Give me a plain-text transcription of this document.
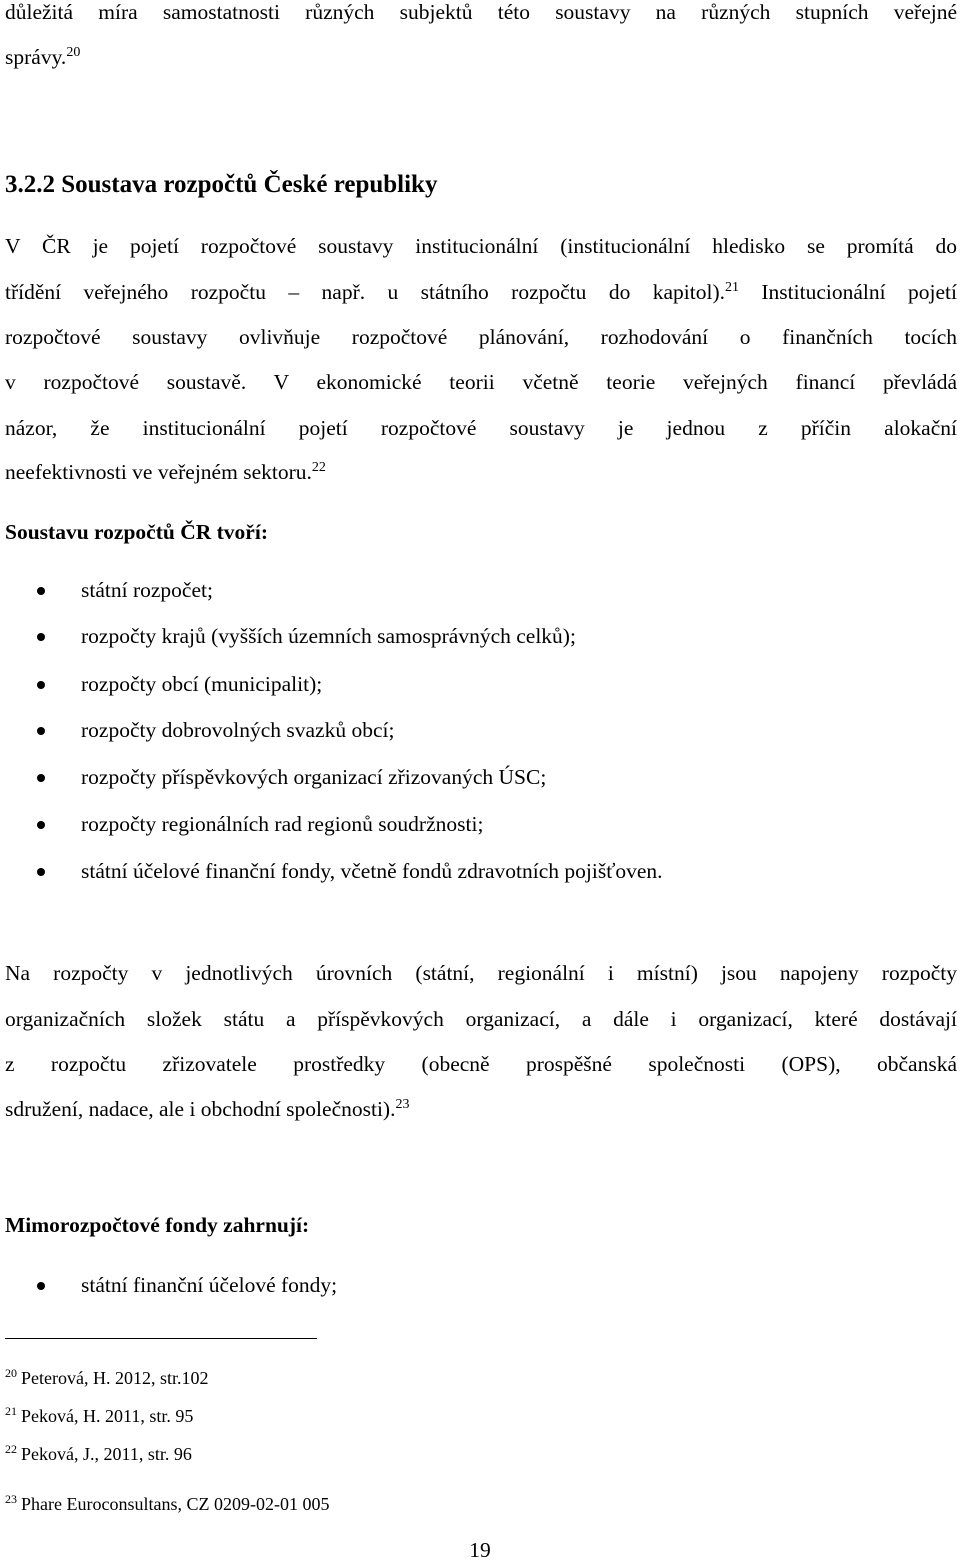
důležitá míra samostatnosti různých subjektů této soustavy na různých stupních veřejné
správy.$^{20}$
3.2.2 Soustava rozpočtů České republiky
V ČR je pojetí rozpočtové soustavy institucionální (institucionální hledisko se promítá do
třídění veřejného rozpočtu – např. u státního rozpočtu do kapitol).$^{21}$ Institucionální pojetí
rozpočtové soustavy ovlivňuje rozpočtové plánování, rozhodování o finančních tocích
v rozpočtové soustavě. V ekonomické teorii včetně teorie veřejných financí převládá
názor, že institucionální pojetí rozpočtové soustavy je jednou z příčin alokační
neefektivnosti ve veřejném sektoru.$^{22}$
Soustavu rozpočtů ČR tvoří:
státní rozpočet;
rozpočty krajů (vyšších územních samosprávných celků);
rozpočty obcí (municipalit);
rozpočty dobrovolných svazků obcí;
rozpočty příspěvkových organizací zřizovaných ÚSC;
rozpočty regionálních rad regionů soudržnosti;
státní účelové finanční fondy, včetně fondů zdravotních pojišťoven.
Na rozpočty v jednotlivých úrovních (státní, regionální i místní) jsou napojeny rozpočty
organizačních složek státu a příspěvkových organizací, a dále i organizací, které dostávají
z rozpočtu zřizovatele prostředky (obecně prospěšné společnosti (OPS), občanská
sdružení, nadace, ale i obchodní společnosti).$^{23}$
Mimorozpočtové fondy zahrnují:
státní finanční účelové fondy;
$^{20}$ Peterová, H. 2012, str.102
$^{21}$ Peková, H. 2011, str. 95
$^{22}$ Peková, J., 2011, str. 96
$^{23}$ Phare Euroconsultans, CZ 0209-02-01 005
19
